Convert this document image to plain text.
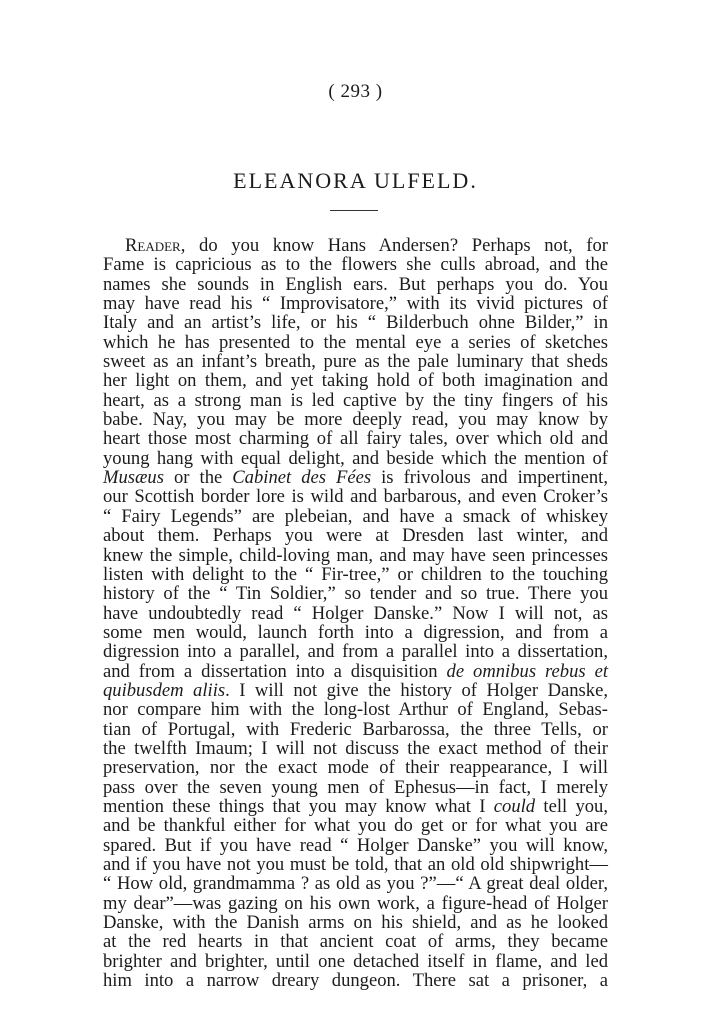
( 293 )
ELEANORA ULFELD.
Reader, do you know Hans Andersen? Perhaps not, for
Fame is capricious as to the flowers she culls abroad, and the
names she sounds in English ears. But perhaps you do. You
may have read his “ Improvisatore,” with its vivid pictures of
Italy and an artist’s life, or his “ Bilderbuch ohne Bilder,” in
which he has presented to the mental eye a series of sketches
sweet as an infant’s breath, pure as the pale luminary that sheds
her light on them, and yet taking hold of both imagination and
heart, as a strong man is led captive by the tiny fingers of his
babe. Nay, you may be more deeply read, you may know by
heart those most charming of all fairy tales, over which old and
young hang with equal delight, and beside which the mention of
Musæus or the Cabinet des Fées is frivolous and impertinent,
our Scottish border lore is wild and barbarous, and even Croker’s
“ Fairy Legends” are plebeian, and have a smack of whiskey
about them. Perhaps you were at Dresden last winter, and
knew the simple, child-loving man, and may have seen princesses
listen with delight to the “ Fir-tree,” or children to the touching
history of the “ Tin Soldier,” so tender and so true. There you
have undoubtedly read “ Holger Danske.” Now I will not, as
some men would, launch forth into a digression, and from a
digression into a parallel, and from a parallel into a dissertation,
and from a dissertation into a disquisition de omnibus rebus et
quibusdem aliis. I will not give the history of Holger Danske,
nor compare him with the long-lost Arthur of England, Sebas-
tian of Portugal, with Frederic Barbarossa, the three Tells, or
the twelfth Imaum; I will not discuss the exact method of their
preservation, nor the exact mode of their reappearance, I will
pass over the seven young men of Ephesus—in fact, I merely
mention these things that you may know what I could tell you,
and be thankful either for what you do get or for what you are
spared. But if you have read “ Holger Danske” you will know,
and if you have not you must be told, that an old old shipwright—
“ How old, grandmamma ? as old as you ?”—“ A great deal older,
my dear”—was gazing on his own work, a figure-head of Holger
Danske, with the Danish arms on his shield, and as he looked
at the red hearts in that ancient coat of arms, they became
brighter and brighter, until one detached itself in flame, and led
him into a narrow dreary dungeon. There sat a prisoner, a
